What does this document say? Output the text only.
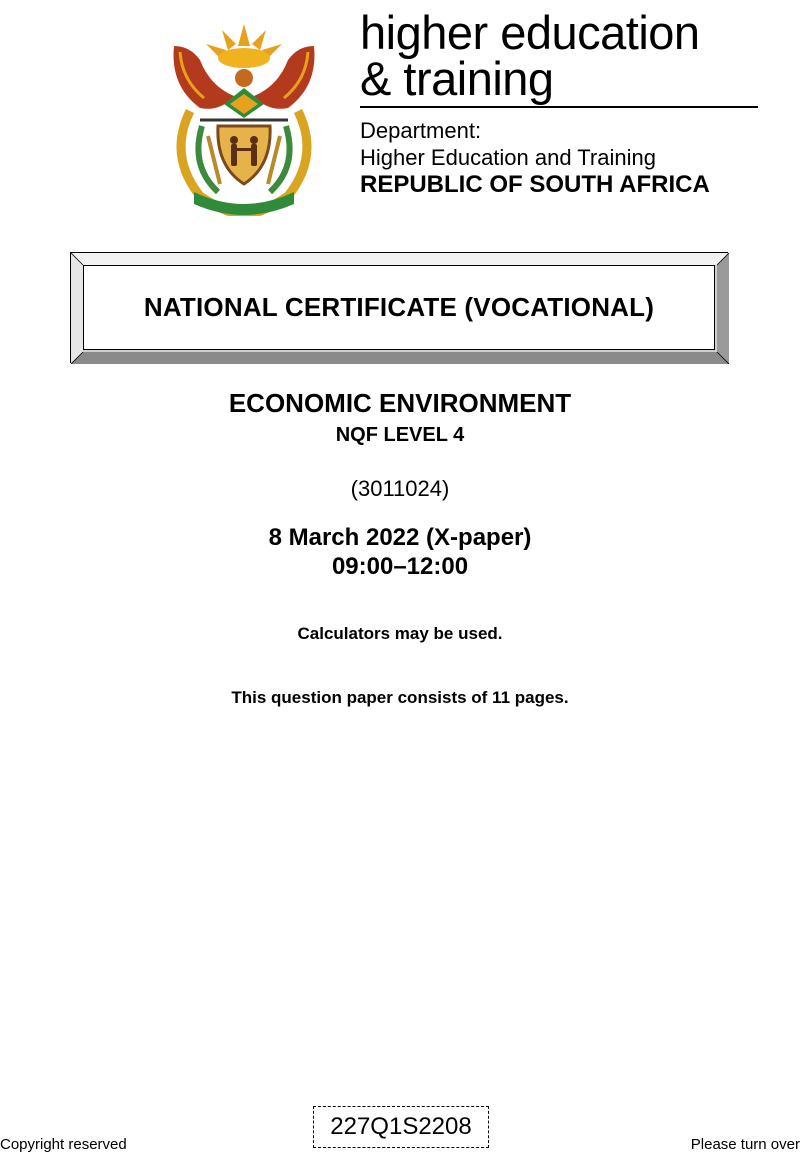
higher education
& training
Department:
Higher Education and Training
REPUBLIC OF SOUTH AFRICA
NATIONAL CERTIFICATE (VOCATIONAL)
ECONOMIC ENVIRONMENT
NQF LEVEL 4
(3011024)
8 March 2022 (X-paper)
09:00–12:00
Calculators may be used.
This question paper consists of 11 pages.
Copyright reserved
227Q1S2208
Please turn over
